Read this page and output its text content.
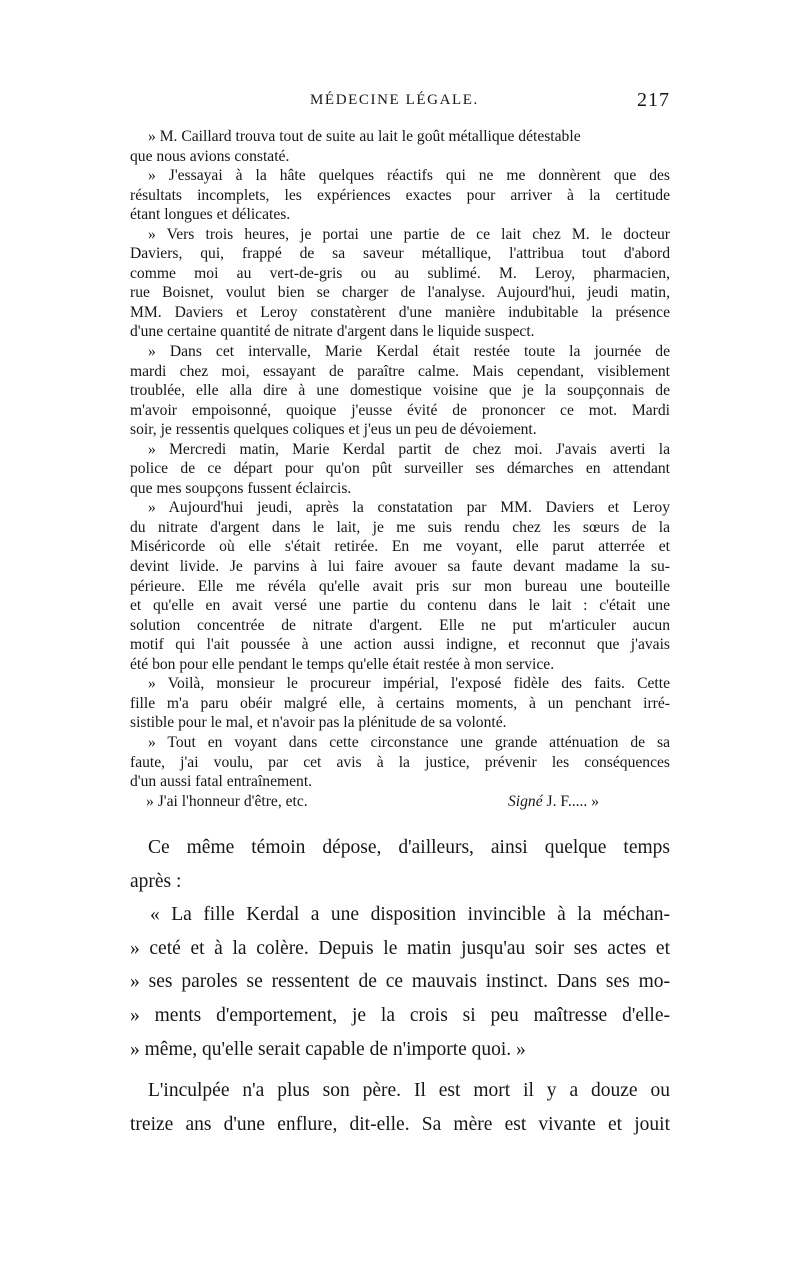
MÉDECINE LÉGALE.	217
» M. Caillard trouva tout de suite au lait le goût métallique détestable
que nous avions constaté.
» J'essayai à la hâte quelques réactifs qui ne me donnèrent que des
résultats incomplets, les expériences exactes pour arriver à la certitude
étant longues et délicates.
» Vers trois heures, je portai une partie de ce lait chez M. le docteur
Daviers, qui, frappé de sa saveur métallique, l'attribua tout d'abord
comme moi au vert-de-gris ou au sublimé. M. Leroy, pharmacien,
rue Boisnet, voulut bien se charger de l'analyse. Aujourd'hui, jeudi matin,
MM. Daviers et Leroy constatèrent d'une manière indubitable la présence
d'une certaine quantité de nitrate d'argent dans le liquide suspect.
» Dans cet intervalle, Marie Kerdal était restée toute la journée de
mardi chez moi, essayant de paraître calme. Mais cependant, visiblement
troublée, elle alla dire à une domestique voisine que je la soupçonnais de
m'avoir empoisonné, quoique j'eusse évité de prononcer ce mot. Mardi
soir, je ressentis quelques coliques et j'eus un peu de dévoiement.
» Mercredi matin, Marie Kerdal partit de chez moi. J'avais averti la
police de ce départ pour qu'on pût surveiller ses démarches en attendant
que mes soupçons fussent éclaircis.
» Aujourd'hui jeudi, après la constatation par MM. Daviers et Leroy
du nitrate d'argent dans le lait, je me suis rendu chez les sœurs de la
Miséricorde où elle s'était retirée. En me voyant, elle parut atterrée et
devint livide. Je parvins à lui faire avouer sa faute devant madame la su-
périeure. Elle me révéla qu'elle avait pris sur mon bureau une bouteille
et qu'elle en avait versé une partie du contenu dans le lait : c'était une
solution concentrée de nitrate d'argent. Elle ne put m'articuler aucun
motif qui l'ait poussée à une action aussi indigne, et reconnut que j'avais
été bon pour elle pendant le temps qu'elle était restée à mon service.
» Voilà, monsieur le procureur impérial, l'exposé fidèle des faits. Cette
fille m'a paru obéir malgré elle, à certains moments, à un penchant irré-
sistible pour le mal, et n'avoir pas la plénitude de sa volonté.
» Tout en voyant dans cette circonstance une grande atténuation de sa
faute, j'ai voulu, par cet avis à la justice, prévenir les conséquences
d'un aussi fatal entraînement.
» J'ai l'honneur d'être, etc.	Signé J. F..... »
Ce même témoin dépose, d'ailleurs, ainsi quelque temps
après :
« La fille Kerdal a une disposition invincible à la méchan-
» ceté et à la colère. Depuis le matin jusqu'au soir ses actes et
» ses paroles se ressentent de ce mauvais instinct. Dans ses mo-
» ments d'emportement, je la crois si peu maîtresse d'elle-
» même, qu'elle serait capable de n'importe quoi. »
L'inculpée n'a plus son père. Il est mort il y a douze ou
treize ans d'une enflure, dit-elle. Sa mère est vivante et jouit
